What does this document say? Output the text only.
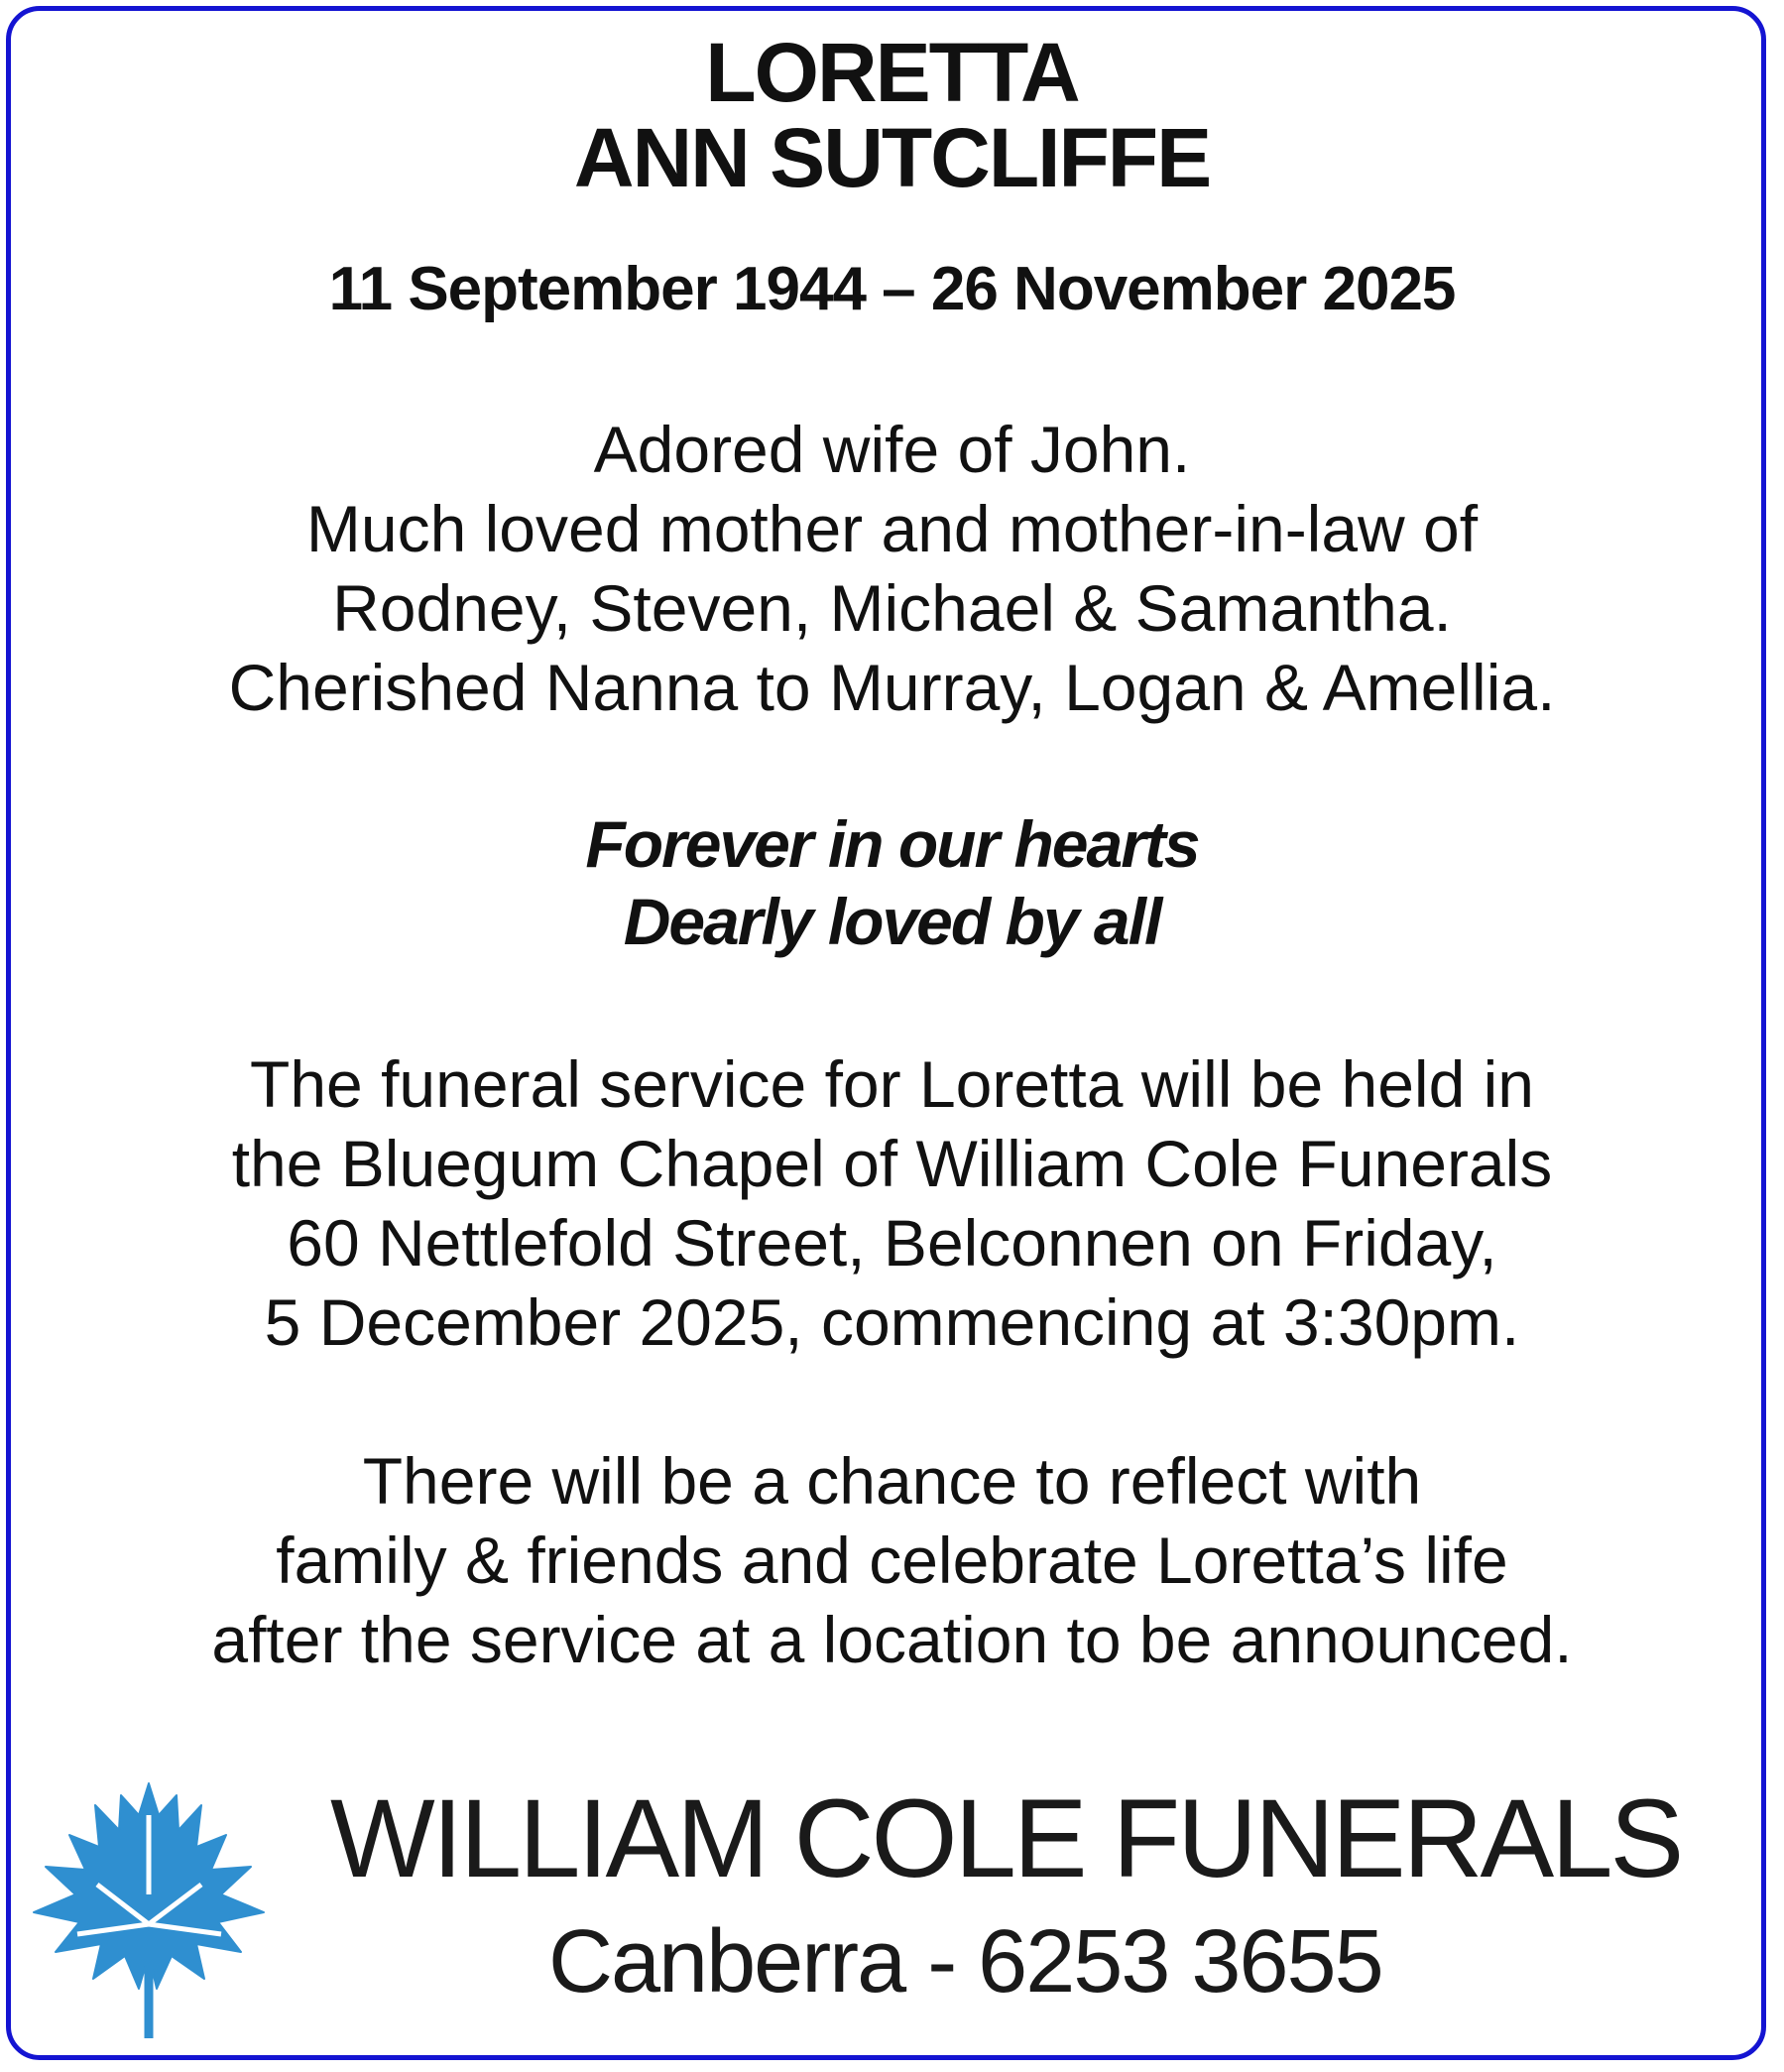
LORETTA
ANN SUTCLIFFE
11 September 1944 – 26 November 2025
Adored wife of John.
Much loved mother and mother-in-law of
Rodney, Steven, Michael & Samantha.
Cherished Nanna to Murray, Logan & Amellia.
Forever in our hearts
Dearly loved by all
The funeral service for Loretta will be held in
the Bluegum Chapel of William Cole Funerals
60 Nettlefold Street, Belconnen on Friday,
5 December 2025, commencing at 3:30pm.
There will be a chance to reflect with
family & friends and celebrate Loretta’s life
after the service at a location to be announced.
WILLIAM COLE FUNERALS
Canberra - 6253 3655
